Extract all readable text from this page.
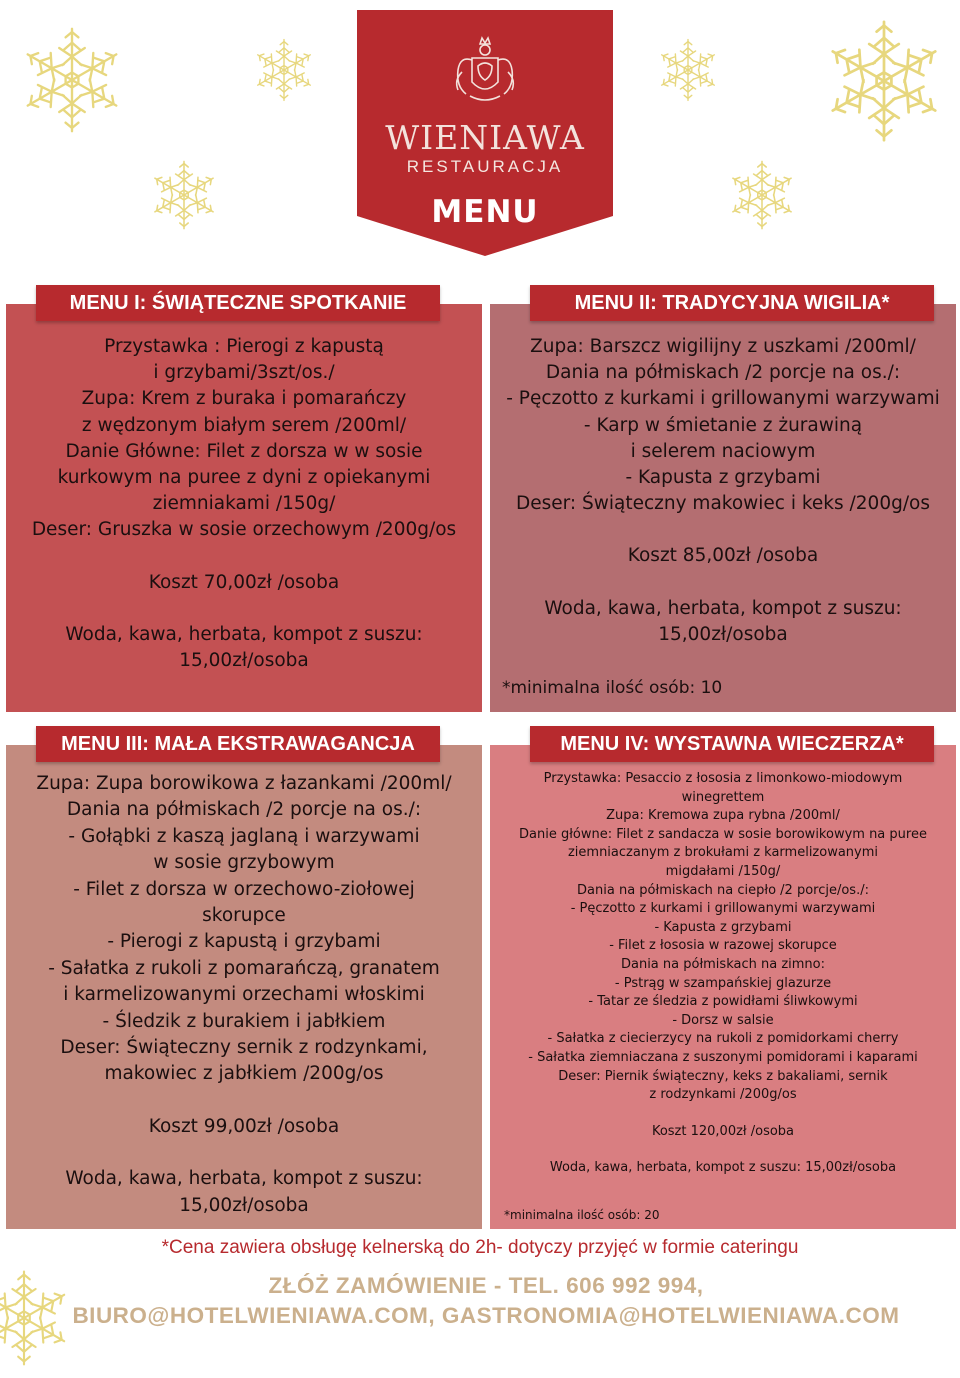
WIENIAWA
RESTAURACJA
MENU
MENU I: ŚWIĄTECZNE SPOTKANIE	MENU II: TRADYCYJNA WIGILIA*
MENU III: MAŁA EKSTRAWAGANCJA	MENU IV: WYSTAWNA WIECZERZA*
Przystawka : Pierogi z kapustą
i grzybami/3szt/os./
Zupa: Krem z buraka i pomarańczy
z wędzonym białym serem /200ml/
Danie Główne: Filet z dorsza w w sosie
kurkowym na puree z dyni z opiekanymi
ziemniakami /150g/
Deser: Gruszka w sosie orzechowym /200g/os
Koszt 70,00zł /osoba
Woda, kawa, herbata, kompot z suszu:
15,00zł/osoba
Zupa: Barszcz wigilijny z uszkami /200ml/
Dania na półmiskach /2 porcje na os./:
- Pęczotto z kurkami i grillowanymi warzywami
- Karp w śmietanie z żurawiną
i selerem naciowym
- Kapusta z grzybami
Deser: Świąteczny makowiec i keks /200g/os
Koszt 85,00zł /osoba
Woda, kawa, herbata, kompot z suszu:
15,00zł/osoba
*minimalna ilość osób: 10
Zupa: Zupa borowikowa z łazankami /200ml/
Dania na półmiskach /2 porcje na os./:
- Gołąbki z kaszą jaglaną i warzywami
w sosie grzybowym
- Filet z dorsza w orzechowo-ziołowej
skorupce
- Pierogi z kapustą i grzybami
- Sałatka z rukoli z pomarańczą, granatem
i karmelizowanymi orzechami włoskimi
- Śledzik z burakiem i jabłkiem
Deser: Świąteczny sernik z rodzynkami,
makowiec z jabłkiem /200g/os
Koszt 99,00zł /osoba
Woda, kawa, herbata, kompot z suszu:
15,00zł/osoba
Przystawka: Pesaccio z łososia z limonkowo-miodowym
winegrettem
Zupa: Kremowa zupa rybna /200ml/
Danie główne: Filet z sandacza w sosie borowikowym na puree
ziemniaczanym z brokułami z karmelizowanymi
migdałami /150g/
Dania na półmiskach na ciepło /2 porcje/os./:
- Pęczotto z kurkami i grillowanymi warzywami
- Kapusta z grzybami
- Filet z łososia w razowej skorupce
Dania na półmiskach na zimno:
- Pstrąg w szampańskiej glazurze
- Tatar ze śledzia z powidłami śliwkowymi
- Dorsz w salsie
- Sałatka z ciecierzycy na rukoli z pomidorkami cherry
- Sałatka ziemniaczana z suszonymi pomidorami i kaparami
Deser: Piernik świąteczny, keks z bakaliami, sernik
z rodzynkami /200g/os
Koszt 120,00zł /osoba
Woda, kawa, herbata, kompot z suszu: 15,00zł/osoba
*minimalna ilość osób: 20
*Cena zawiera obsługę kelnerską do 2h- dotyczy przyjęć w formie cateringu
ZŁÓŻ ZAMÓWIENIE - TEL. 606 992 994,
BIURO@HOTELWIENIAWA.COM, GASTRONOMIA@HOTELWIENIAWA.COM
